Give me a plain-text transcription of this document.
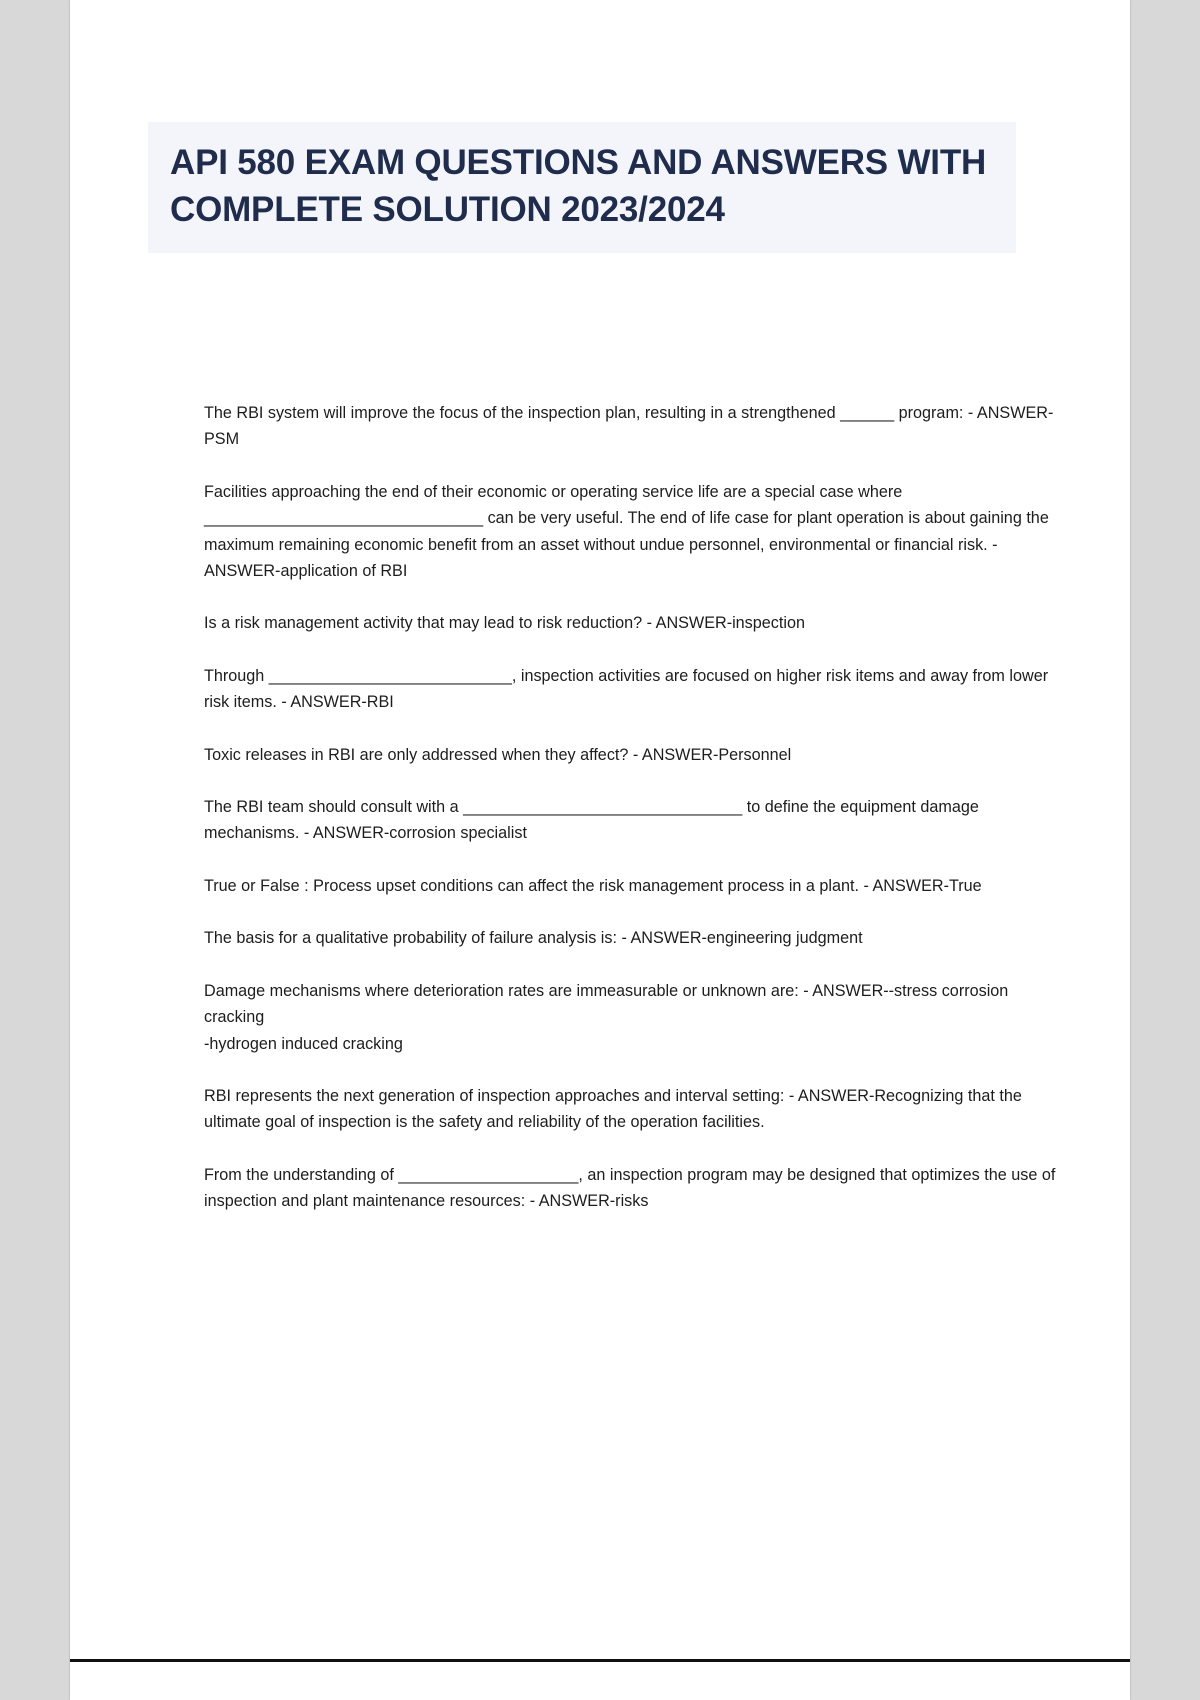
API 580 EXAM QUESTIONS AND ANSWERS WITH COMPLETE SOLUTION 2023/2024

The RBI system will improve the focus of the inspection plan, resulting in a strengthened ______ program: - ANSWER-PSM

Facilities approaching the end of their economic or operating service life are a special case where _______________________________ can be very useful. The end of life case for plant operation is about gaining the maximum remaining economic benefit from an asset without undue personnel, environmental or financial risk. - ANSWER-application of RBI

Is a risk management activity that may lead to risk reduction? - ANSWER-inspection

Through ___________________________, inspection activities are focused on higher risk items and away from lower risk items. - ANSWER-RBI

Toxic releases in RBI are only addressed when they affect? - ANSWER-Personnel

The RBI team should consult with a _______________________________ to define the equipment damage mechanisms. - ANSWER-corrosion specialist

True or False : Process upset conditions can affect the risk management process in a plant. - ANSWER-True

The basis for a qualitative probability of failure analysis is: - ANSWER-engineering judgment

Damage mechanisms where deterioration rates are immeasurable or unknown are: - ANSWER--stress corrosion cracking

-hydrogen induced cracking

RBI represents the next generation of inspection approaches and interval setting: - ANSWER-Recognizing that the ultimate goal of inspection is the safety and reliability of the operation facilities.

From the understanding of ____________________, an inspection program may be designed that optimizes the use of inspection and plant maintenance resources: - ANSWER-risks
